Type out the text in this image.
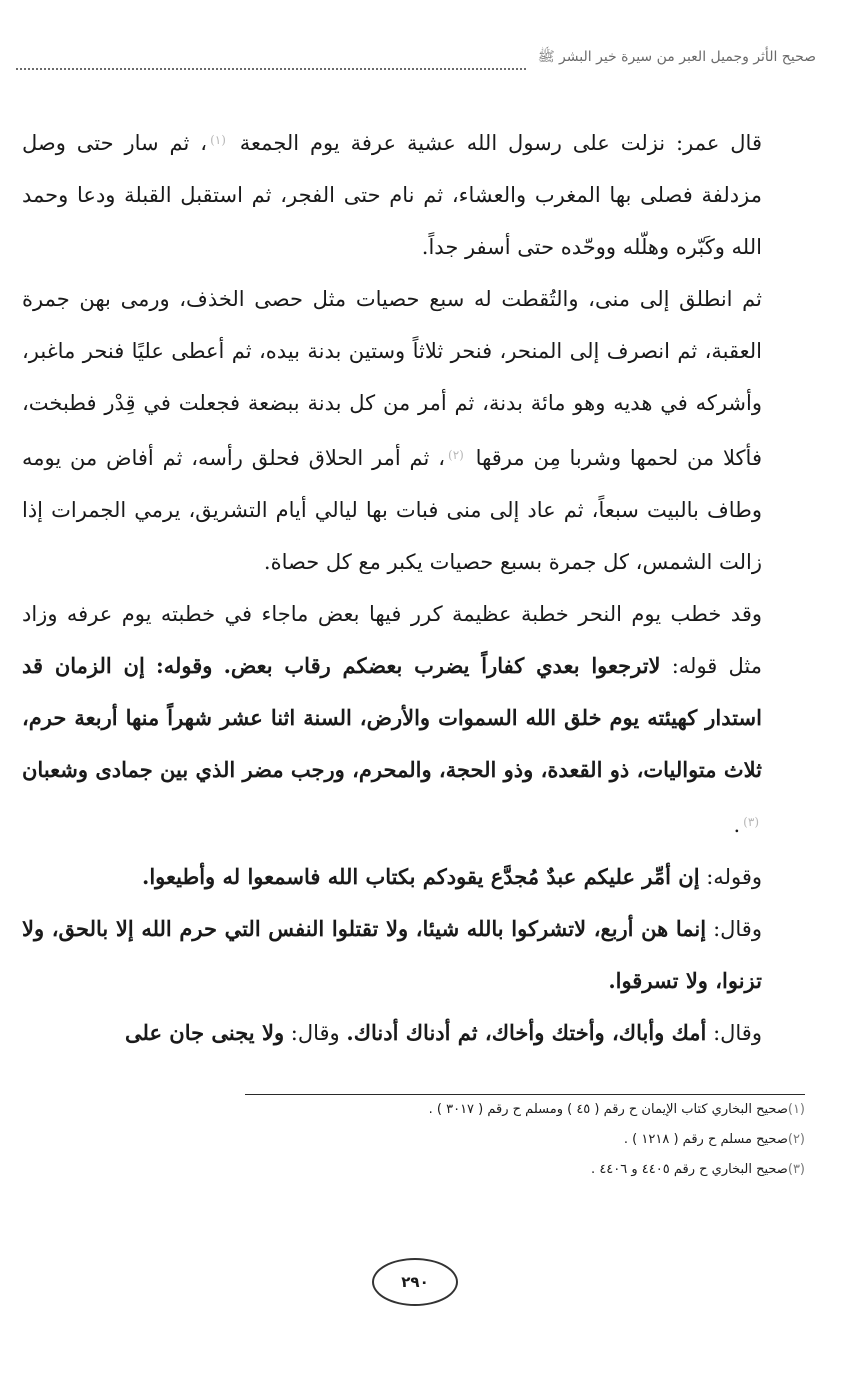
صحيح الأثر وجميل العبر من سيرة خير البشر ﷺ

قال عمر: نزلت على رسول الله عشية عرفة يوم الجمعة $^{(١)}$، ثم سار حتى وصل مزدلفة فصلى بها المغرب والعشاء، ثم نام حتى الفجر، ثم استقبل القبلة ودعا وحمد الله وكَبّره وهلّله ووحّده حتى أسفر جداً.

ثم انطلق إلى منى، والتُقطت له سبع حصيات مثل حصى الخذف، ورمى بهن جمرة العقبة، ثم انصرف إلى المنحر، فنحر ثلاثاً وستين بدنة بيده، ثم أعطى عليًا فنحر ماغبر، وأشركه في هديه وهو مائة بدنة، ثم أمر من كل بدنة ببضعة فجعلت في قِدْر فطبخت، فأكلا من لحمها وشربا مِن مرقها $^{(٢)}$، ثم أمر الحلاق فحلق رأسه، ثم أفاض من يومه وطاف بالبيت سبعاً، ثم عاد إلى منى فبات بها ليالي أيام التشريق، يرمي الجمرات إذا زالت الشمس، كل جمرة بسبع حصيات يكبر مع كل حصاة.

وقد خطب يوم النحر خطبة عظيمة كرر فيها بعض ماجاء في خطبته يوم عرفه وزاد مثل قوله: لاترجعوا بعدي كفاراً يضرب بعضكم رقاب بعض. وقوله: إن الزمان قد استدار كهيئته يوم خلق الله السموات والأرض، السنة اثنا عشر شهراً منها أربعة حرم، ثلاث متواليات، ذو القعدة، وذو الحجة، والمحرم، ورجب مضر الذي بين جمادى وشعبان $^{(٣)}$.

وقوله: إن أمِّر عليكم عبدٌ مُجدَّع يقودكم بكتاب الله فاسمعوا له وأطيعوا.

وقال: إنما هن أربع، لاتشركوا بالله شيئا، ولا تقتلوا النفس التي حرم الله إلا بالحق، ولا تزنوا، ولا تسرقوا.

وقال: أمك وأباك، وأختك وأخاك، ثم أدناك أدناك. وقال: ولا يجنى جان على

(١)صحيح البخاري كتاب الإيمان ح رقم ( ٤٥ ) ومسلم ح رقم ( ٣٠١٧ ) .

(٢)صحيح مسلم ح رقم ( ١٢١٨ ) .

(٣)صحيح البخاري ح رقم ٤٤٠٥ و ٤٤٠٦ .

٢٩٠
